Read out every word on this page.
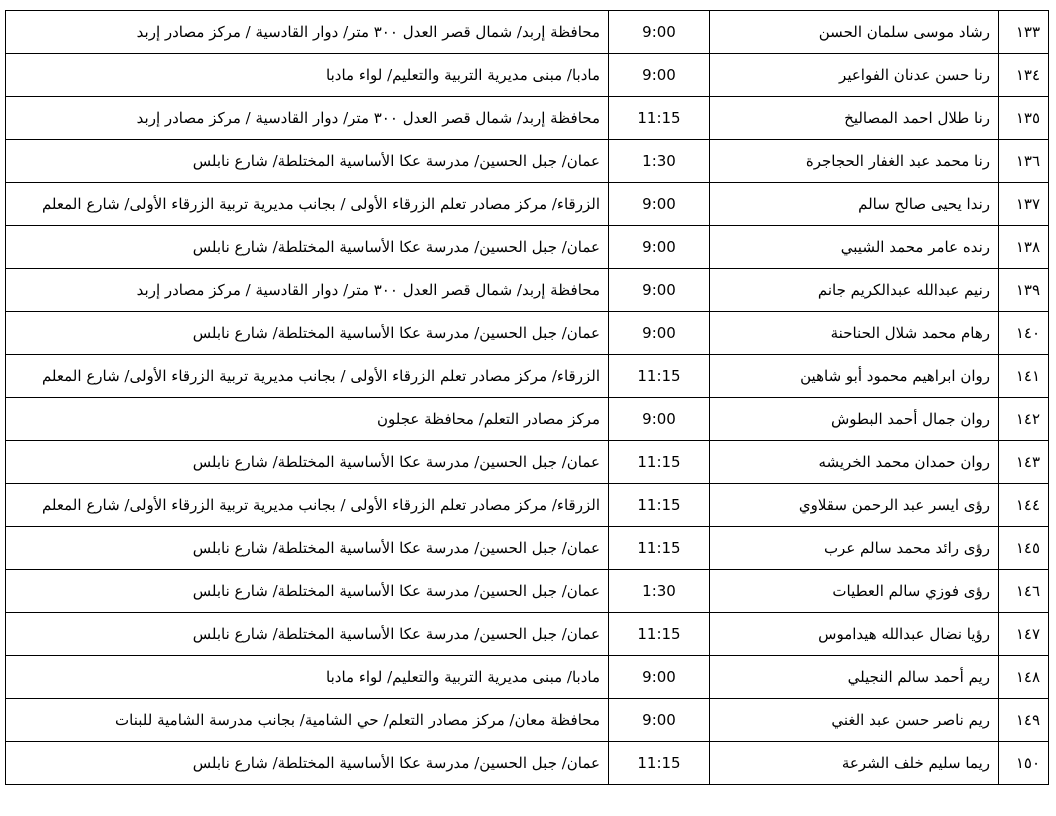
١٣٣	رشاد موسى سلمان الحسن	9:00	محافظة إربد/ شمال قصر العدل ٣٠٠ متر/ دوار القادسية / مركز مصادر إربد
١٣٤	رنا حسن عدنان الفواعير	9:00	مادبا/ مبنى مديرية التربية والتعليم/ لواء مادبا
١٣٥	رنا طلال احمد المصاليخ	11:15	محافظة إربد/ شمال قصر العدل ٣٠٠ متر/ دوار القادسية / مركز مصادر إربد
١٣٦	رنا محمد عبد الغفار الحجاجرة	1:30	عمان/ جبل الحسين/ مدرسة عكا الأساسية المختلطة/ شارع نابلس
١٣٧	رندا يحيى صالح سالم	9:00	الزرقاء/ مركز مصادر تعلم الزرقاء الأولى / بجانب مديرية تربية الزرقاء الأولى/ شارع المعلم
١٣٨	رنده عامر محمد الشيبي	9:00	عمان/ جبل الحسين/ مدرسة عكا الأساسية المختلطة/ شارع نابلس
١٣٩	رنيم عبدالله عبدالكريم جانم	9:00	محافظة إربد/ شمال قصر العدل ٣٠٠ متر/ دوار القادسية / مركز مصادر إربد
١٤٠	رهام محمد شلال الحناحنة	9:00	عمان/ جبل الحسين/ مدرسة عكا الأساسية المختلطة/ شارع نابلس
١٤١	روان ابراهيم محمود أبو شاهين	11:15	الزرقاء/ مركز مصادر تعلم الزرقاء الأولى / بجانب مديرية تربية الزرقاء الأولى/ شارع المعلم
١٤٢	روان جمال أحمد البطوش	9:00	مركز مصادر التعلم/ محافظة عجلون
١٤٣	روان حمدان محمد الخريشه	11:15	عمان/ جبل الحسين/ مدرسة عكا الأساسية المختلطة/ شارع نابلس
١٤٤	رؤى ايسر عبد الرحمن سقلاوي	11:15	الزرقاء/ مركز مصادر تعلم الزرقاء الأولى / بجانب مديرية تربية الزرقاء الأولى/ شارع المعلم
١٤٥	رؤى رائد محمد سالم عرب	11:15	عمان/ جبل الحسين/ مدرسة عكا الأساسية المختلطة/ شارع نابلس
١٤٦	رؤى فوزي سالم العطيات	1:30	عمان/ جبل الحسين/ مدرسة عكا الأساسية المختلطة/ شارع نابلس
١٤٧	رؤيا نضال عبدالله هيداموس	11:15	عمان/ جبل الحسين/ مدرسة عكا الأساسية المختلطة/ شارع نابلس
١٤٨	ريم أحمد سالم النجيلي	9:00	مادبا/ مبنى مديرية التربية والتعليم/ لواء مادبا
١٤٩	ريم ناصر حسن عبد الغني	9:00	محافظة معان/ مركز مصادر التعلم/ حي الشامية/ بجانب مدرسة الشامية للبنات
١٥٠	ريما سليم خلف الشرعة	11:15	عمان/ جبل الحسين/ مدرسة عكا الأساسية المختلطة/ شارع نابلس
